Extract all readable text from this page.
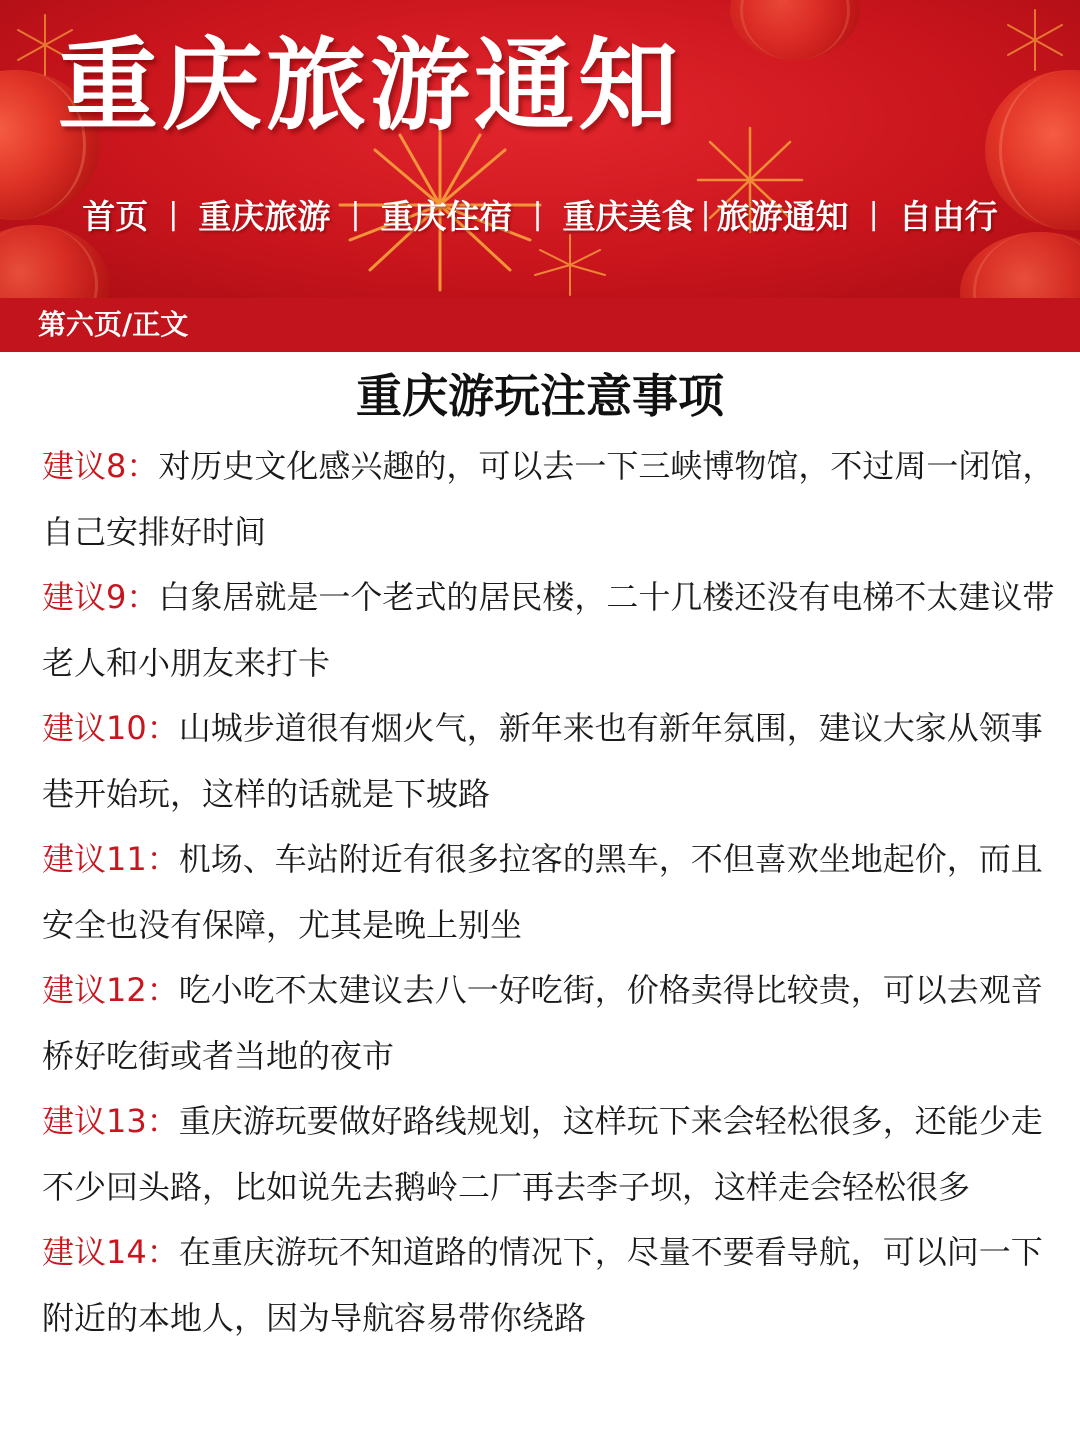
重庆旅游通知
首页 | 重庆旅游 | 重庆住宿 | 重庆美食 | 旅游通知 | 自由行
第六页/正文
重庆游玩注意事项

建议8：对历史文化感兴趣的，可以去一下三峡博物馆，不过周一闭馆，自己安排好时间

建议9：白象居就是一个老式的居民楼，二十几楼还没有电梯不太建议带老人和小朋友来打卡

建议10：山城步道很有烟火气，新年来也有新年氛围，建议大家从领事巷开始玩，这样的话就是下坡路

建议11：机场、车站附近有很多拉客的黑车，不但喜欢坐地起价，而且安全也没有保障，尤其是晚上别坐

建议12：吃小吃不太建议去八一好吃街，价格卖得比较贵，可以去观音桥好吃街或者当地的夜市

建议13：重庆游玩要做好路线规划，这样玩下来会轻松很多，还能少走不少回头路，比如说先去鹅岭二厂再去李子坝，这样走会轻松很多

建议14：在重庆游玩不知道路的情况下，尽量不要看导航，可以问一下附近的本地人，因为导航容易带你绕路
